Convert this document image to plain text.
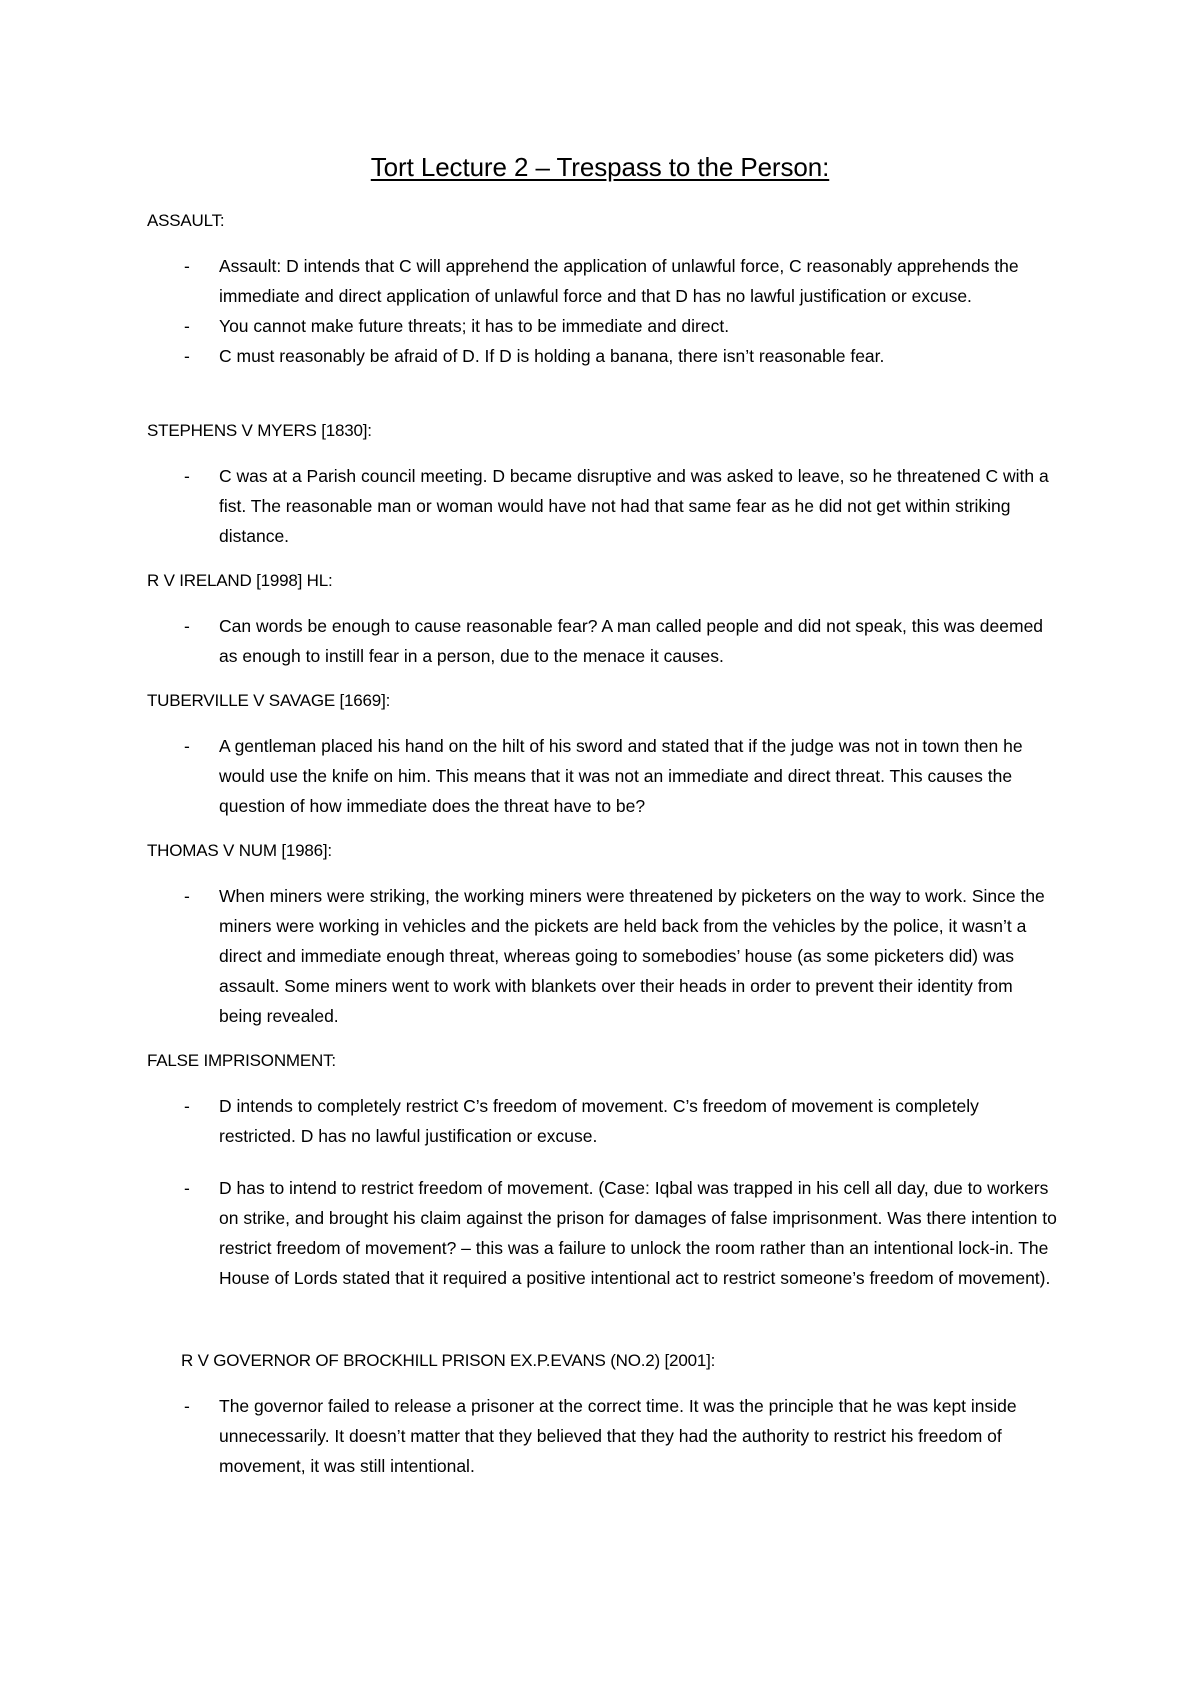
Tort Lecture 2 – Trespass to the Person:
ASSAULT:
- Assault: D intends that C will apprehend the application of unlawful force, C reasonably apprehends the immediate and direct application of unlawful force and that D has no lawful justification or excuse.
- You cannot make future threats; it has to be immediate and direct.
- C must reasonably be afraid of D. If D is holding a banana, there isn’t reasonable fear.
STEPHENS V MYERS [1830]:
- C was at a Parish council meeting. D became disruptive and was asked to leave, so he threatened C with a fist. The reasonable man or woman would have not had that same fear as he did not get within striking distance.
R V IRELAND [1998] HL:
- Can words be enough to cause reasonable fear? A man called people and did not speak, this was deemed as enough to instill fear in a person, due to the menace it causes.
TUBERVILLE V SAVAGE [1669]:
- A gentleman placed his hand on the hilt of his sword and stated that if the judge was not in town then he would use the knife on him. This means that it was not an immediate and direct threat. This causes the question of how immediate does the threat have to be?
THOMAS V NUM [1986]:
- When miners were striking, the working miners were threatened by picketers on the way to work. Since the miners were working in vehicles and the pickets are held back from the vehicles by the police, it wasn’t a direct and immediate enough threat, whereas going to somebodies’ house (as some picketers did) was assault. Some miners went to work with blankets over their heads in order to prevent their identity from being revealed.
FALSE IMPRISONMENT:
- D intends to completely restrict C’s freedom of movement. C’s freedom of movement is completely restricted. D has no lawful justification or excuse.
- D has to intend to restrict freedom of movement. (Case: Iqbal was trapped in his cell all day, due to workers on strike, and brought his claim against the prison for damages of false imprisonment. Was there intention to restrict freedom of movement? – this was a failure to unlock the room rather than an intentional lock-in. The House of Lords stated that it required a positive intentional act to restrict someone’s freedom of movement).
R V GOVERNOR OF BROCKHILL PRISON EX.P.EVANS (NO.2) [2001]:
- The governor failed to release a prisoner at the correct time. It was the principle that he was kept inside unnecessarily. It doesn’t matter that they believed that they had the authority to restrict his freedom of movement, it was still intentional.
